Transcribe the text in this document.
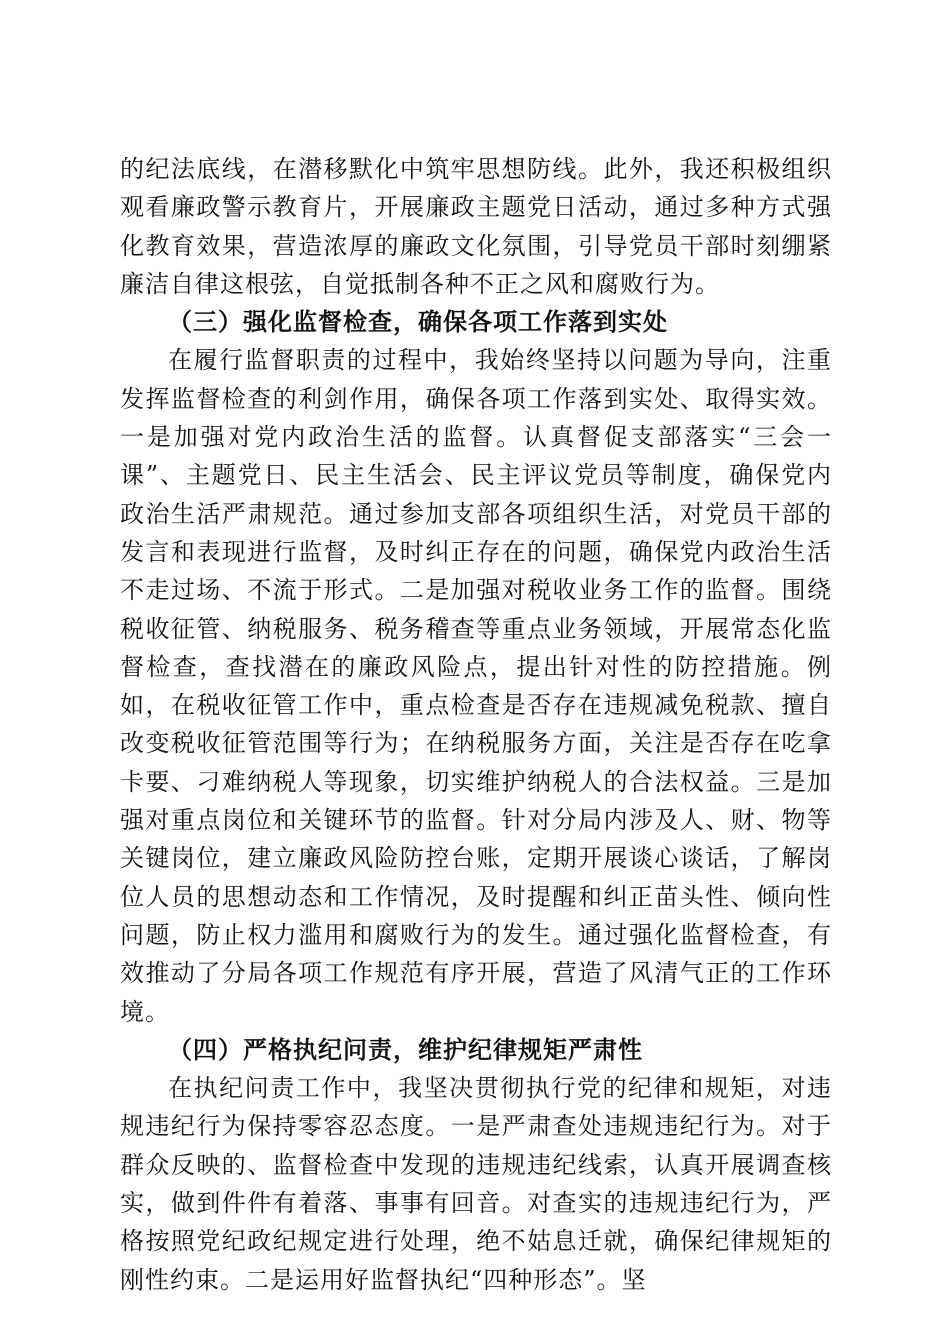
的纪法底线，在潜移默化中筑牢思想防线。此外，我还积极组织观看廉政警示教育片，开展廉政主题党日活动，通过多种方式强化教育效果，营造浓厚的廉政文化氛围，引导党员干部时刻绷紧廉洁自律这根弦，自觉抵制各种不正之风和腐败行为。

（三）强化监督检查，确保各项工作落到实处

在履行监督职责的过程中，我始终坚持以问题为导向，注重发挥监督检查的利剑作用，确保各项工作落到实处、取得实效。一是加强对党内政治生活的监督。认真督促支部落实“三会一课”、主题党日、民主生活会、民主评议党员等制度，确保党内政治生活严肃规范。通过参加支部各项组织生活，对党员干部的发言和表现进行监督，及时纠正存在的问题，确保党内政治生活不走过场、不流于形式。二是加强对税收业务工作的监督。围绕税收征管、纳税服务、税务稽查等重点业务领域，开展常态化监督检查，查找潜在的廉政风险点，提出针对性的防控措施。例如，在税收征管工作中，重点检查是否存在违规减免税款、擅自改变税收征管范围等行为；在纳税服务方面，关注是否存在吃拿卡要、刁难纳税人等现象，切实维护纳税人的合法权益。三是加强对重点岗位和关键环节的监督。针对分局内涉及人、财、物等关键岗位，建立廉政风险防控台账，定期开展谈心谈话，了解岗位人员的思想动态和工作情况，及时提醒和纠正苗头性、倾向性问题，防止权力滥用和腐败行为的发生。通过强化监督检查，有效推动了分局各项工作规范有序开展，营造了风清气正的工作环境。

（四）严格执纪问责，维护纪律规矩严肃性

在执纪问责工作中，我坚决贯彻执行党的纪律和规矩，对违规违纪行为保持零容忍态度。一是严肃查处违规违纪行为。对于群众反映的、监督检查中发现的违规违纪线索，认真开展调查核实，做到件件有着落、事事有回音。对查实的违规违纪行为，严格按照党纪政纪规定进行处理，绝不姑息迁就，确保纪律规矩的刚性约束。二是运用好监督执纪“四种形态”。坚
